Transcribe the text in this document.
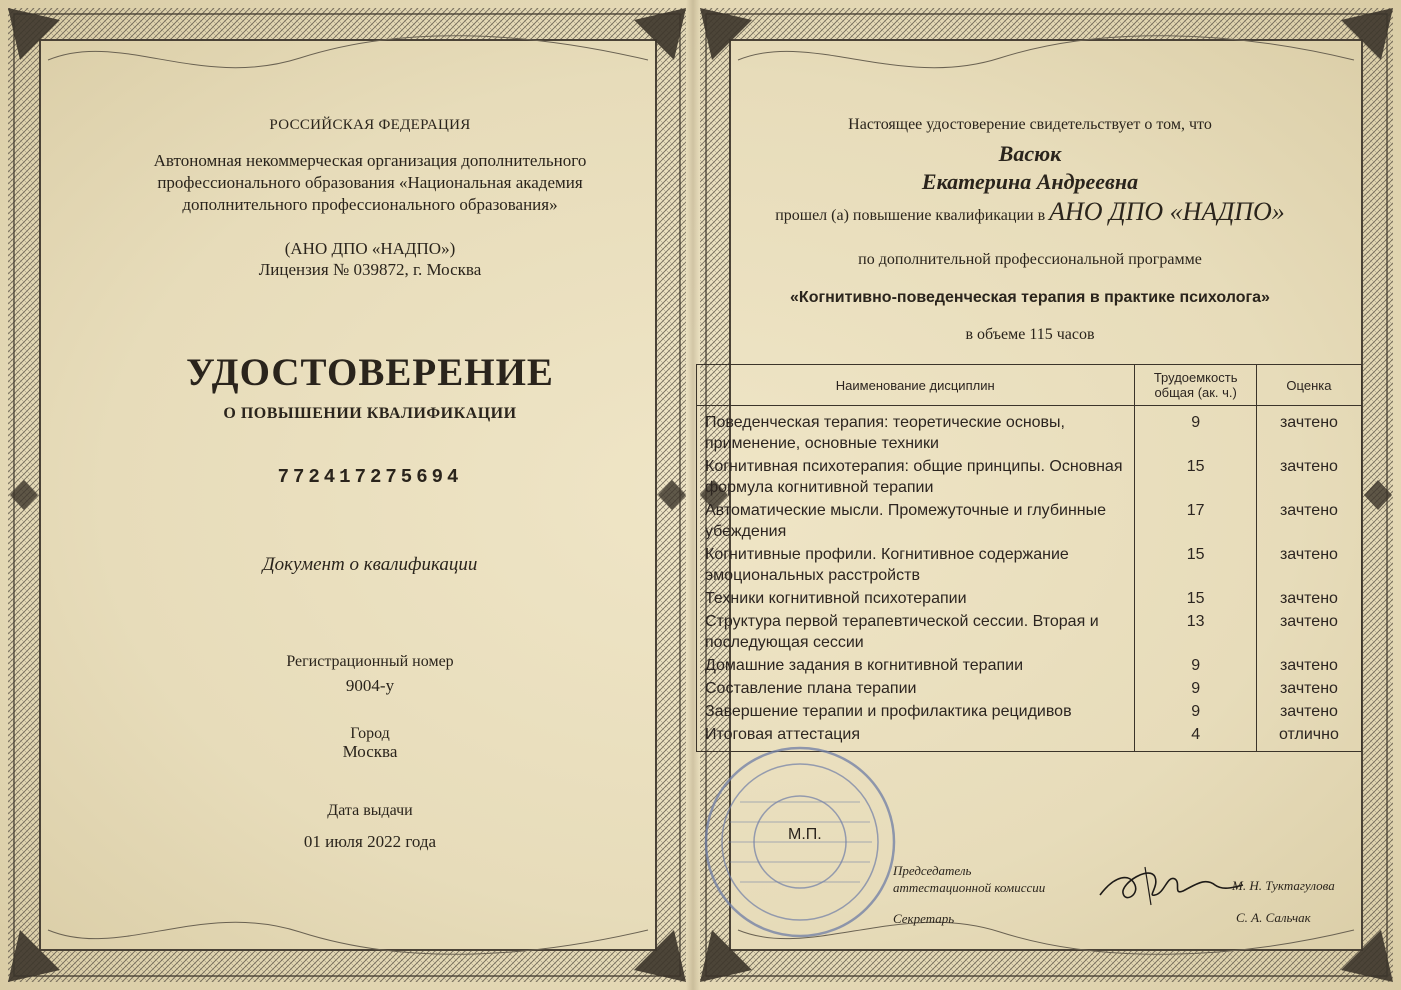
РОССИЙСКАЯ ФЕДЕРАЦИЯ
Автономная некоммерческая организация дополнительного
профессионального образования «Национальная академия
дополнительного профессионального образования»
(АНО ДПО «НАДПО»)
Лицензия № 039872, г. Москва
УДОСТОВЕРЕНИЕ
О ПОВЫШЕНИИ КВАЛИФИКАЦИИ
772417275694
Документ о квалификации
Регистрационный номер
9004-у
Город
Москва
Дата выдачи
01 июля 2022 года
Настоящее удостоверение свидетельствует о том, что
Васюк
Екатерина Андреевна
прошел (а) повышение квалификации в АНО ДПО «НАДПО»
по дополнительной профессиональной программе
«Когнитивно-поведенческая терапия в практике психолога»
в объеме 115 часов
Наименование дисциплин	Трудоемкость общая (ак. ч.)	Оценка
Поведенческая терапия: теоретические основы, применение, основные техники	9	зачтено
Когнитивная психотерапия: общие принципы. Основная формула когнитивной терапии	15	зачтено
Автоматические мысли. Промежуточные и глубинные убеждения	17	зачтено
Когнитивные профили. Когнитивное содержание эмоциональных расстройств	15	зачтено
Техники когнитивной психотерапии	15	зачтено
Структура первой терапевтической сессии. Вторая и последующая сессии	13	зачтено
Домашние задания в когнитивной терапии	9	зачтено
Составление плана терапии	9	зачтено
Завершение терапии и профилактика рецидивов	9	зачтено
Итоговая аттестация	4	отлично
М.П.
Председатель
аттестационной комиссии
Секретарь
М. Н. Туктагулова
С. А. Сальчак
